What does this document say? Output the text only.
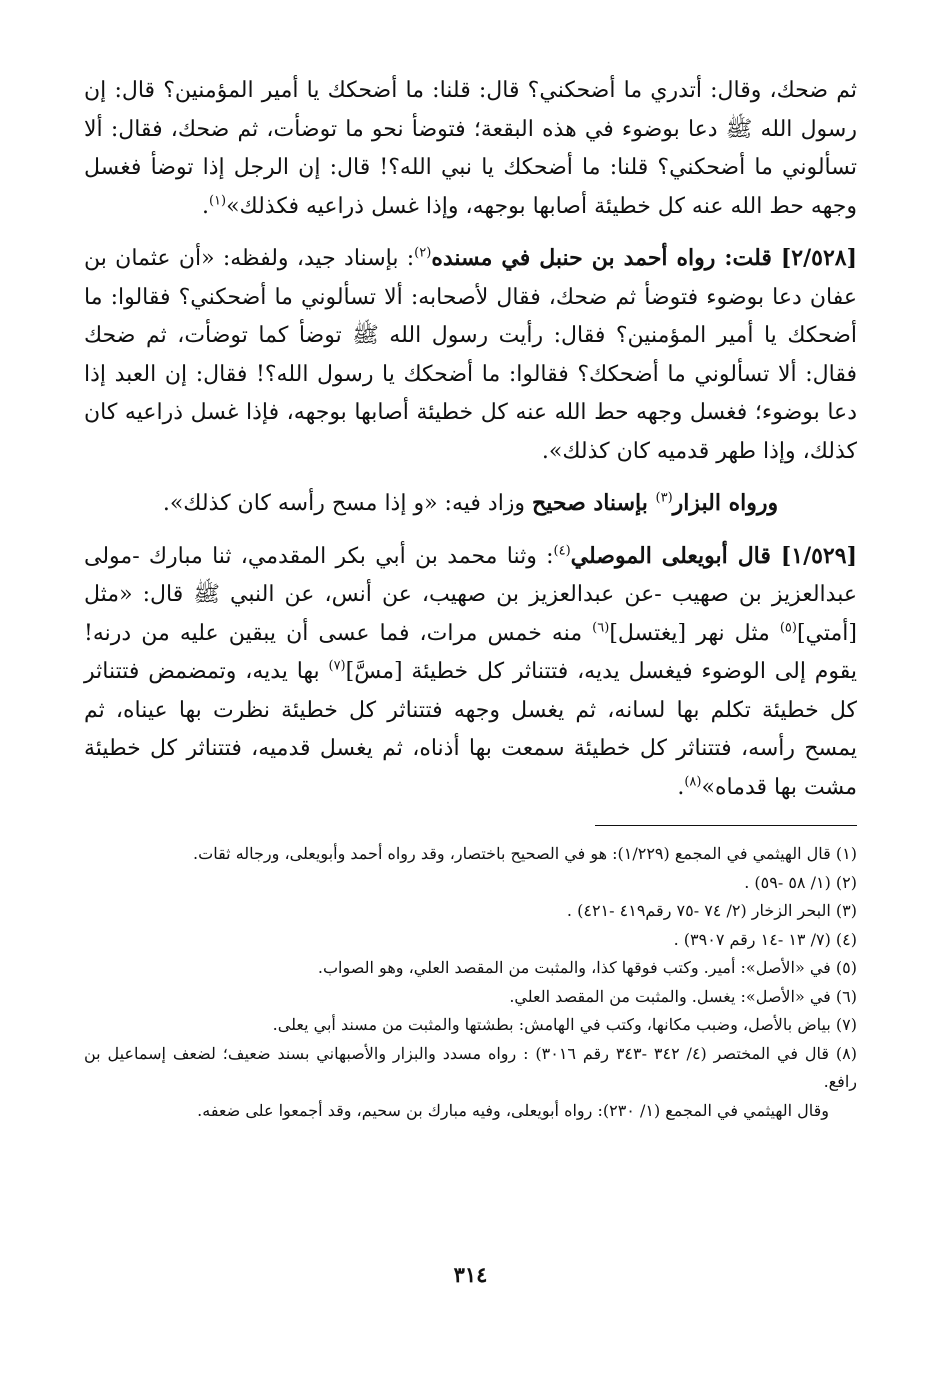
ثم ضحك، وقال: أتدري ما أضحكني؟ قال: قلنا: ما أضحكك يا أمير المؤمنين؟ قال: إن رسول الله ﷺ دعا بوضوء في هذه البقعة؛ فتوضأ نحو ما توضأت، ثم ضحك، فقال: ألا تسألوني ما أضحكني؟ قلنا: ما أضحكك يا نبي الله؟! قال: إن الرجل إذا توضأ فغسل وجهه حط الله عنه كل خطيئة أصابها بوجهه، وإذا غسل ذراعيه فكذلك»$^{(١)}$.

[٢/٥٢٨] قلت: رواه أحمد بن حنبل في مسنده$^{(٢)}$: بإسناد جيد، ولفظه: «أن عثمان بن عفان دعا بوضوء فتوضأ ثم ضحك، فقال لأصحابه: ألا تسألوني ما أضحكني؟ فقالوا: ما أضحكك يا أمير المؤمنين؟ فقال: رأيت رسول الله ﷺ توضأ كما توضأت، ثم ضحك فقال: ألا تسألوني ما أضحكك؟ فقالوا: ما أضحكك يا رسول الله؟! فقال: إن العبد إذا دعا بوضوء؛ فغسل وجهه حط الله عنه كل خطيئة أصابها بوجهه، فإذا غسل ذراعيه كان كذلك، وإذا طهر قدميه كان كذلك».

ورواه البزار$^{(٣)}$ بإسناد صحيح وزاد فيه: «و إذا مسح رأسه كان كذلك».

[١/٥٢٩] قال أبويعلى الموصلي$^{(٤)}$: وثنا محمد بن أبي بكر المقدمي، ثنا مبارك -مولى عبدالعزيز بن صهيب -عن عبدالعزيز بن صهيب، عن أنس، عن النبي ﷺ قال: «مثل [أمتي]$^{(٥)}$ مثل نهر [يغتسل]$^{(٦)}$ منه خمس مرات، فما عسى أن يبقين عليه من درنه! يقوم إلى الوضوء فيغسل يديه، فتتناثر كل خطيئة [مسَّ]$^{(٧)}$ بها يديه، وتمضمض فتتناثر كل خطيئة تكلم بها لسانه، ثم يغسل وجهه فتتناثر كل خطيئة نظرت بها عيناه، ثم يمسح رأسه، فتتناثر كل خطيئة سمعت بها أذناه، ثم يغسل قدميه، فتتناثر كل خطيئة مشت بها قدماه»$^{(٨)}$.

(١) قال الهيثمي في المجمع (١/٢٢٩): هو في الصحيح باختصار، وقد رواه أحمد وأبويعلى، ورجاله ثقات.

(٢) (١/ ٥٨ -٥٩) .

(٣) البحر الزخار (٢/ ٧٤ -٧٥ رقم٤١٩ -٤٢١) .

(٤) (٧/ ١٣ -١٤ رقم ٣٩٠٧) .

(٥) في «الأصل»: أمير. وكتب فوقها كذا، والمثبت من المقصد العلي، وهو الصواب.

(٦) في «الأصل»: يغسل. والمثبت من المقصد العلي.

(٧) بياض بالأصل، وضبب مكانها، وكتب في الهامش: بطشتها والمثبت من مسند أبي يعلى.

(٨) قال في المختصر (٤/ ٣٤٢ -٣٤٣ رقم ٣٠١٦) : رواه مسدد والبزار والأصبهاني بسند ضعيف؛ لضعف إسماعيل بن رافع.

وقال الهيثمي في المجمع (١/ ٢٣٠): رواه أبويعلى، وفيه مبارك بن سحيم، وقد أجمعوا على ضعفه.

٣١٤
